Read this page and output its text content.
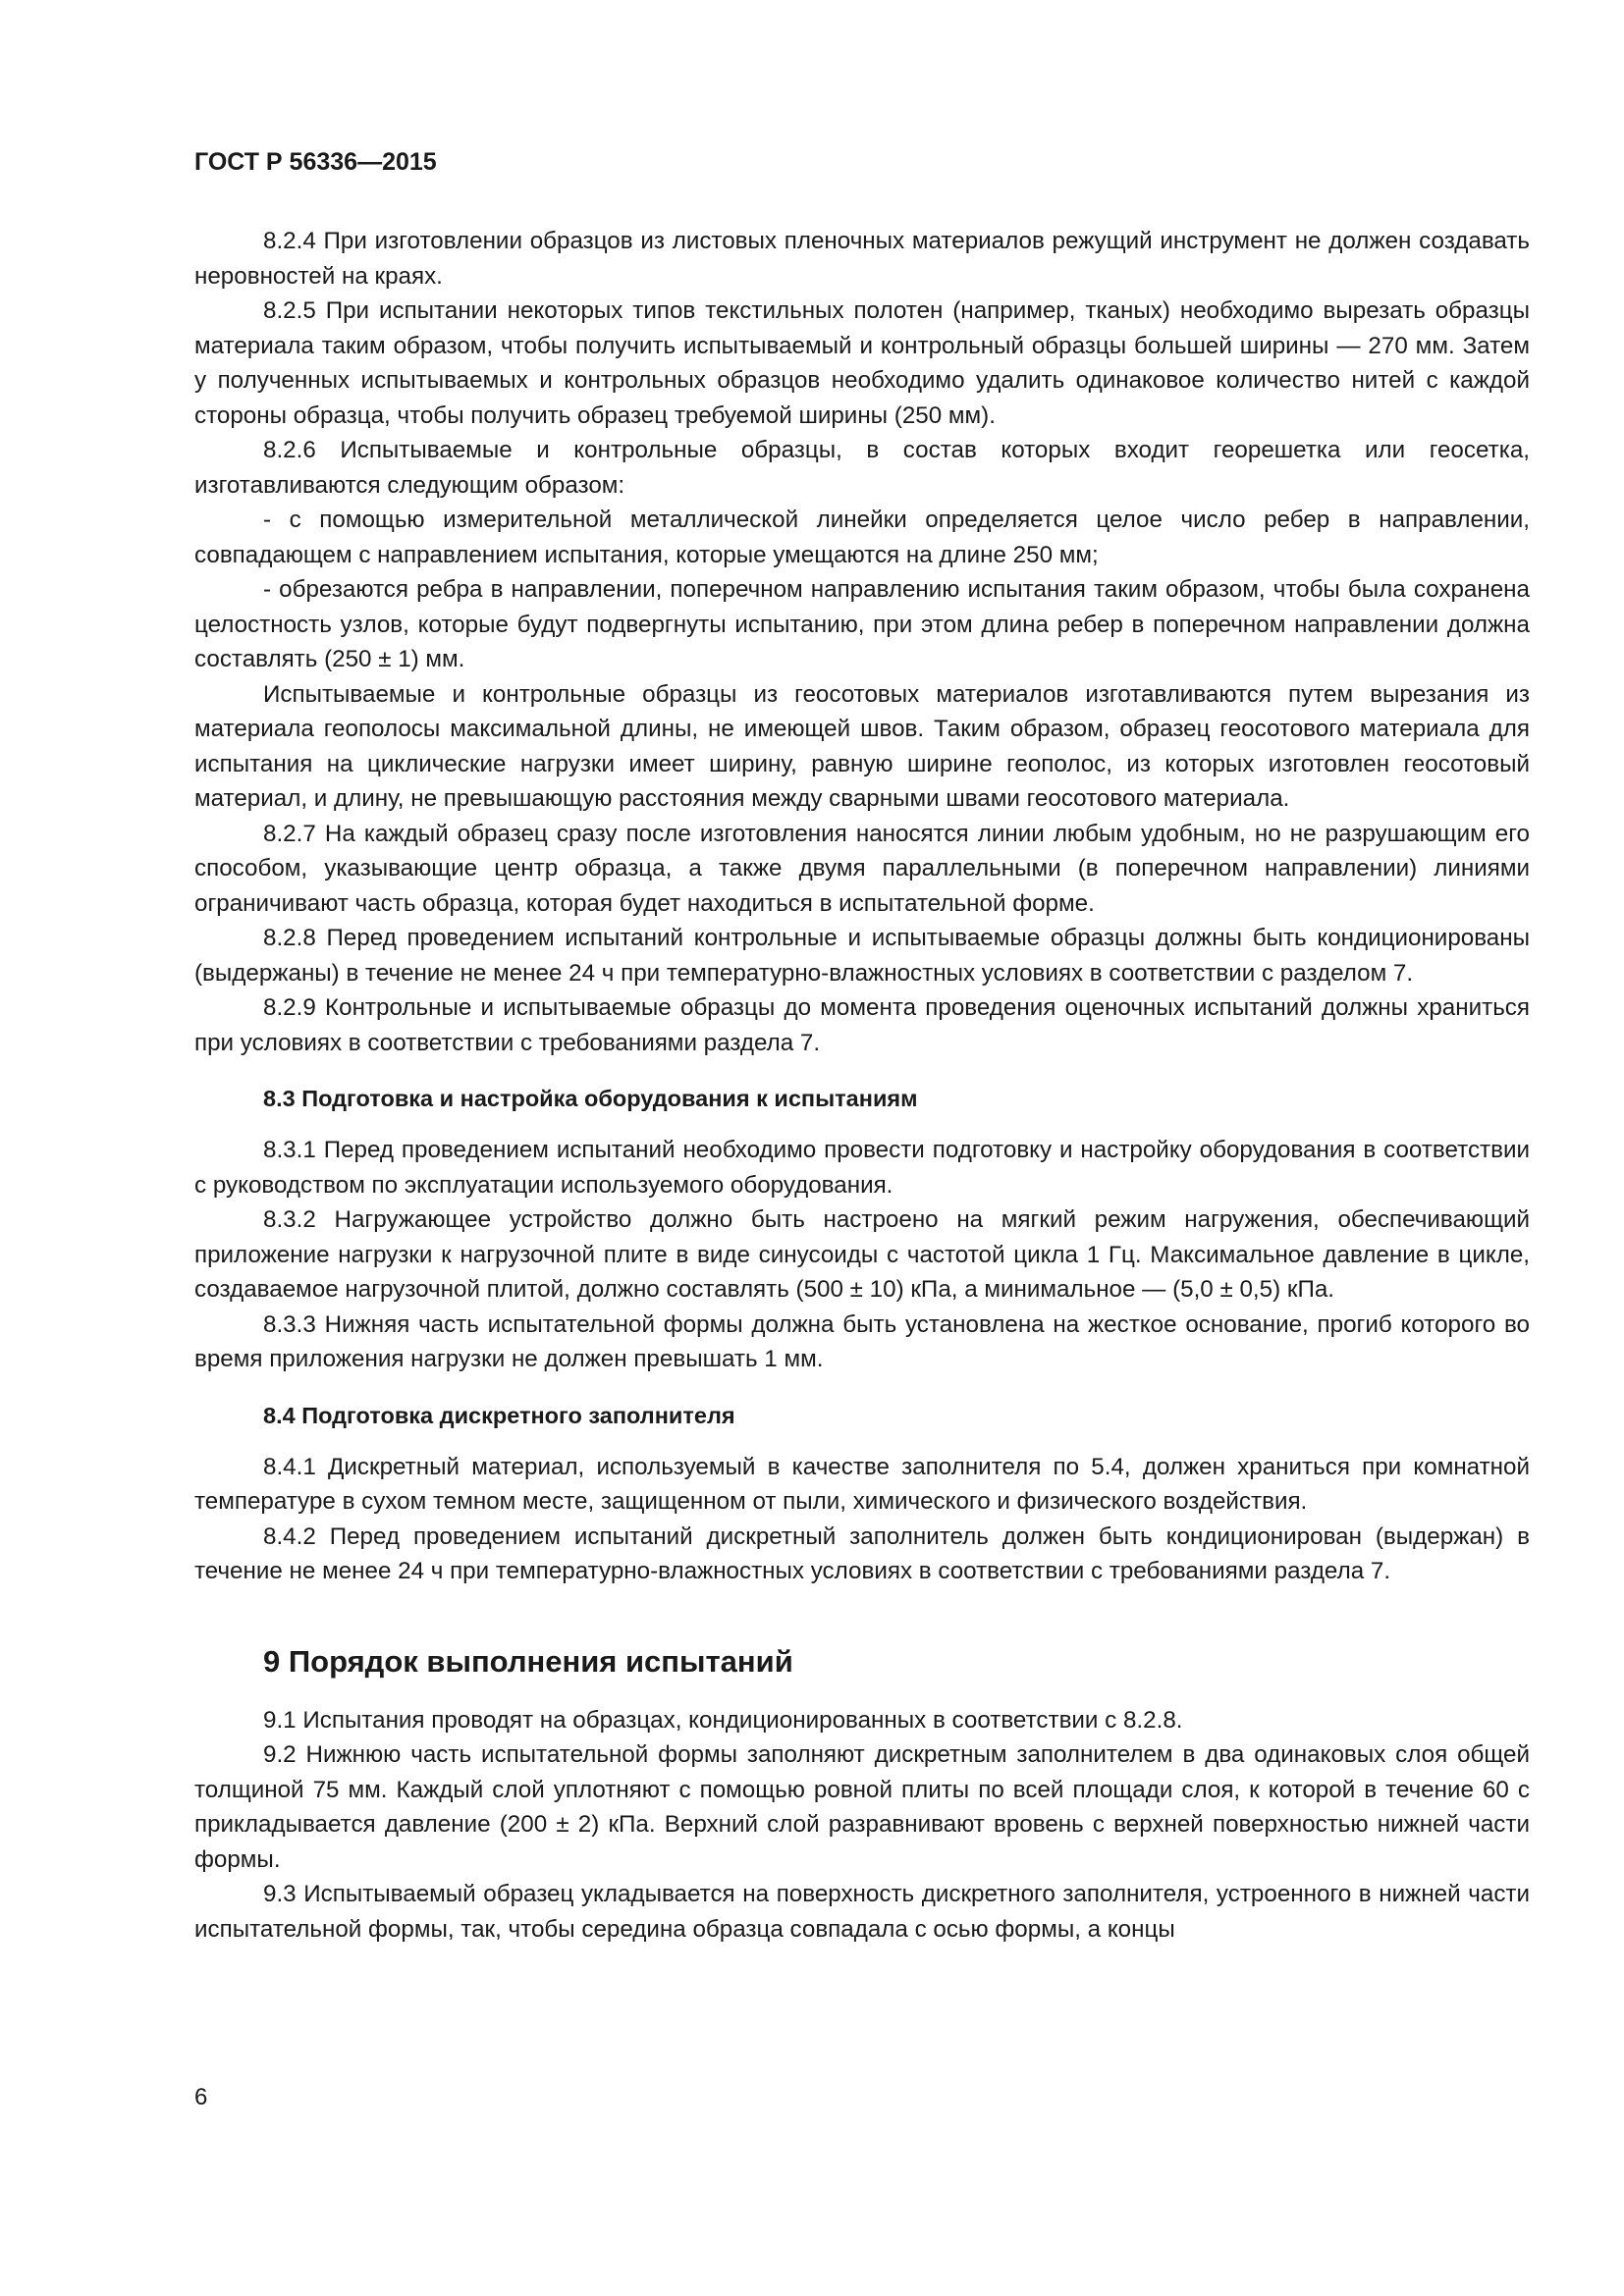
ГОСТ Р 56336—2015
8.2.4 При изготовлении образцов из листовых пленочных материалов режущий инструмент не должен создавать неровностей на краях.
8.2.5 При испытании некоторых типов текстильных полотен (например, тканых) необходимо вырезать образцы материала таким образом, чтобы получить испытываемый и контрольный образцы большей ширины — 270 мм. Затем у полученных испытываемых и контрольных образцов необходимо удалить одинаковое количество нитей с каждой стороны образца, чтобы получить образец требуемой ширины (250 мм).
8.2.6 Испытываемые и контрольные образцы, в состав которых входит георешетка или геосетка, изготавливаются следующим образом:
- с помощью измерительной металлической линейки определяется целое число ребер в направлении, совпадающем с направлением испытания, которые умещаются на длине 250 мм;
- обрезаются ребра в направлении, поперечном направлению испытания таким образом, чтобы была сохранена целостность узлов, которые будут подвергнуты испытанию, при этом длина ребер в поперечном направлении должна составлять (250 ± 1) мм.
Испытываемые и контрольные образцы из геосотовых материалов изготавливаются путем вырезания из материала геополосы максимальной длины, не имеющей швов. Таким образом, образец геосотового материала для испытания на циклические нагрузки имеет ширину, равную ширине геополос, из которых изготовлен геосотовый материал, и длину, не превышающую расстояния между сварными швами геосотового материала.
8.2.7 На каждый образец сразу после изготовления наносятся линии любым удобным, но не разрушающим его способом, указывающие центр образца, а также двумя параллельными (в поперечном направлении) линиями ограничивают часть образца, которая будет находиться в испытательной форме.
8.2.8 Перед проведением испытаний контрольные и испытываемые образцы должны быть кондиционированы (выдержаны) в течение не менее 24 ч при температурно-влажностных условиях в соответствии с разделом 7.
8.2.9 Контрольные и испытываемые образцы до момента проведения оценочных испытаний должны храниться при условиях в соответствии с требованиями раздела 7.
8.3 Подготовка и настройка оборудования к испытаниям
8.3.1 Перед проведением испытаний необходимо провести подготовку и настройку оборудования в соответствии с руководством по эксплуатации используемого оборудования.
8.3.2 Нагружающее устройство должно быть настроено на мягкий режим нагружения, обеспечивающий приложение нагрузки к нагрузочной плите в виде синусоиды с частотой цикла 1 Гц. Максимальное давление в цикле, создаваемое нагрузочной плитой, должно составлять (500 ± 10) кПа, а минимальное — (5,0 ± 0,5) кПа.
8.3.3 Нижняя часть испытательной формы должна быть установлена на жесткое основание, прогиб которого во время приложения нагрузки не должен превышать 1 мм.
8.4 Подготовка дискретного заполнителя
8.4.1 Дискретный материал, используемый в качестве заполнителя по 5.4, должен храниться при комнатной температуре в сухом темном месте, защищенном от пыли, химического и физического воздействия.
8.4.2 Перед проведением испытаний дискретный заполнитель должен быть кондиционирован (выдержан) в течение не менее 24 ч при температурно-влажностных условиях в соответствии с требованиями раздела 7.
9 Порядок выполнения испытаний
9.1 Испытания проводят на образцах, кондиционированных в соответствии с 8.2.8.
9.2 Нижнюю часть испытательной формы заполняют дискретным заполнителем в два одинаковых слоя общей толщиной 75 мм. Каждый слой уплотняют с помощью ровной плиты по всей площади слоя, к которой в течение 60 с прикладывается давление (200 ± 2) кПа. Верхний слой разравнивают вровень с верхней поверхностью нижней части формы.
9.3 Испытываемый образец укладывается на поверхность дискретного заполнителя, устроенного в нижней части испытательной формы, так, чтобы середина образца совпадала с осью формы, а концы
6
